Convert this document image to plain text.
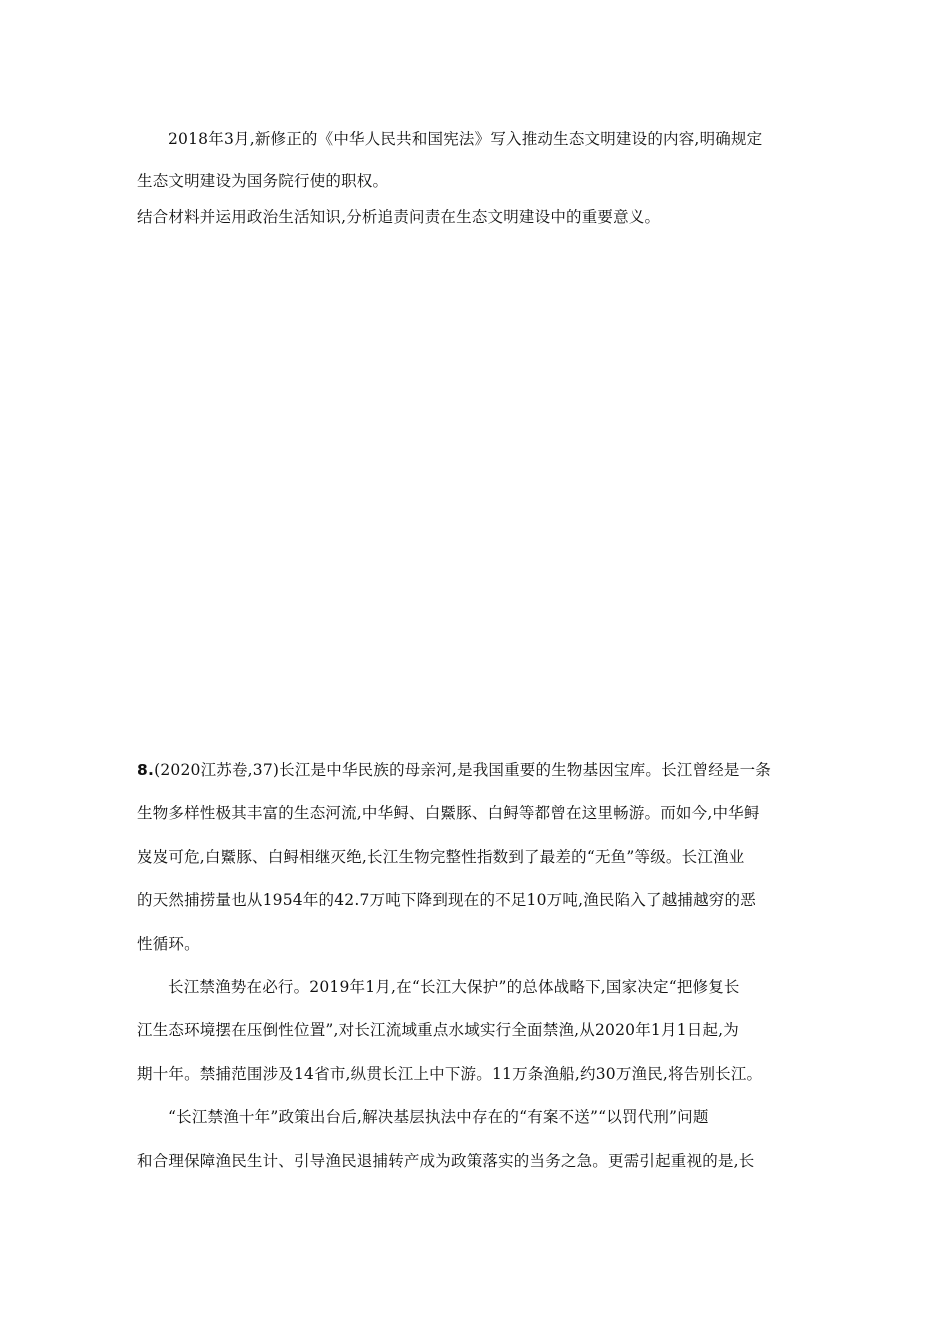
2018年3月,新修正的《中华人民共和国宪法》写入推动生态文明建设的内容,明确规定
生态文明建设为国务院行使的职权。
结合材料并运用政治生活知识,分析追责问责在生态文明建设中的重要意义。
8.(2020江苏卷,37)长江是中华民族的母亲河,是我国重要的生物基因宝库。长江曾经是一条
生物多样性极其丰富的生态河流,中华鲟、白鱀豚、白鲟等都曾在这里畅游。而如今,中华鲟
岌岌可危,白鱀豚、白鲟相继灭绝,长江生物完整性指数到了最差的“无鱼”等级。长江渔业
的天然捕捞量也从1954年的42.7万吨下降到现在的不足10万吨,渔民陷入了越捕越穷的恶
性循环。
长江禁渔势在必行。2019年1月,在“长江大保护”的总体战略下,国家决定“把修复长
江生态环境摆在压倒性位置”,对长江流域重点水域实行全面禁渔,从2020年1月1日起,为
期十年。禁捕范围涉及14省市,纵贯长江上中下游。11万条渔船,约30万渔民,将告别长江。
“长江禁渔十年”政策出台后,解决基层执法中存在的“有案不送”“以罚代刑”问题
和合理保障渔民生计、引导渔民退捕转产成为政策落实的当务之急。更需引起重视的是,长
